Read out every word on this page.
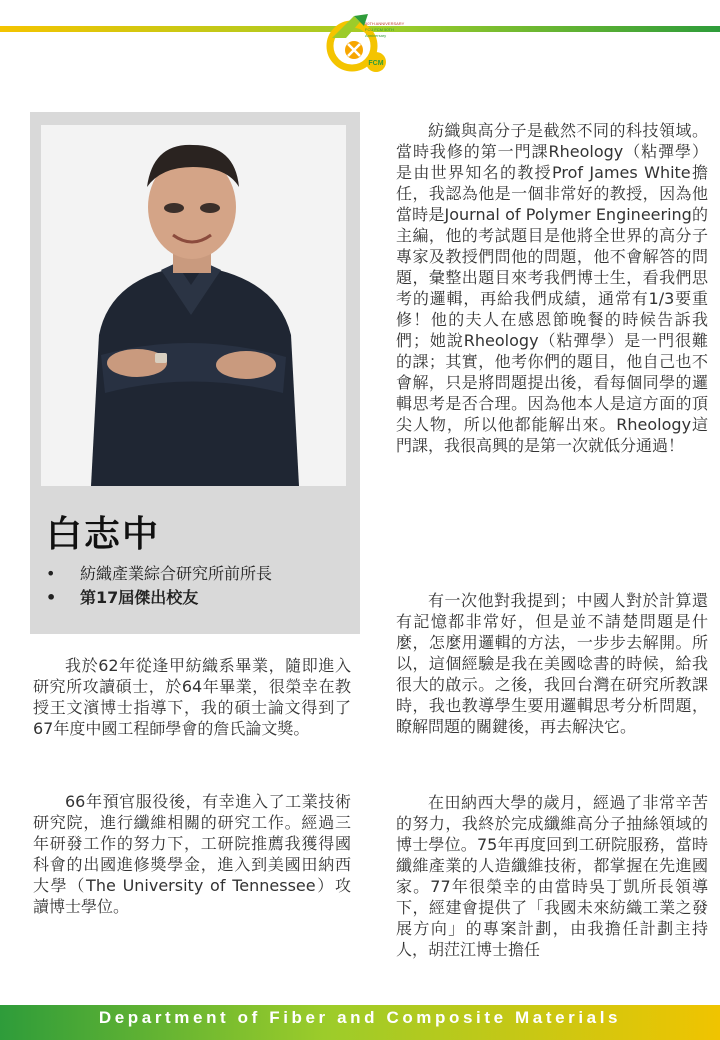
FCM
50TH ANNIVERSARY
FCU FCM 50TH
Anniversary
白志中
• 紡織產業綜合研究所前所長
• 第17屆傑出校友

我於62年從逢甲紡織系畢業，隨即進入研究所攻讀碩士，於64年畢業，很榮幸在教授王文濱博士指導下，我的碩士論文得到了67年度中國工程師學會的詹氏論文獎。

66年預官服役後，有幸進入了工業技術研究院，進行纖維相關的研究工作。經過三年研發工作的努力下，工研院推薦我獲得國科會的出國進修獎學金，進入到美國田納西大學（The University of Tennessee）攻讀博士學位。

紡織與高分子是截然不同的科技領域。當時我修的第一門課Rheology（粘彈學）是由世界知名的教授Prof James White擔任，我認為他是一個非常好的教授，因為他當時是Journal of Polymer Engineering的主編，他的考試題目是他將全世界的高分子專家及教授們問他的問題，他不會解答的問題，彙整出題目來考我們博士生，看我們思考的邏輯，再給我們成績，通常有1/3要重修！他的夫人在感恩節晚餐的時候告訴我們；她說Rheology（粘彈學）是一門很難的課；其實，他考你們的題目，他自己也不會解，只是將問題提出後，看每個同學的邏輯思考是否合理。因為他本人是這方面的頂尖人物，所以他都能解出來。Rheology這門課，我很高興的是第一次就低分通過！

有一次他對我提到；中國人對於計算還有記憶都非常好，但是並不請楚問題是什麼，怎麼用邏輯的方法，一步步去解開。所以，這個經驗是我在美國唸書的時候，給我很大的啟示。之後，我回台灣在研究所教課時，我也教導學生要用邏輯思考分析問題，瞭解問題的關鍵後，再去解決它。

在田納西大學的歲月，經過了非常辛苦的努力，我終於完成纖維高分子抽絲領域的博士學位。75年再度回到工研院服務，當時纖維產業的人造纖維技術，都掌握在先進國家。77年很榮幸的由當時吳丁凱所長領導下，經建會提供了「我國未來紡織工業之發展方向」的專案計劃，由我擔任計劃主持人，胡茳江博士擔任

Department of Fiber and Composite Materials
